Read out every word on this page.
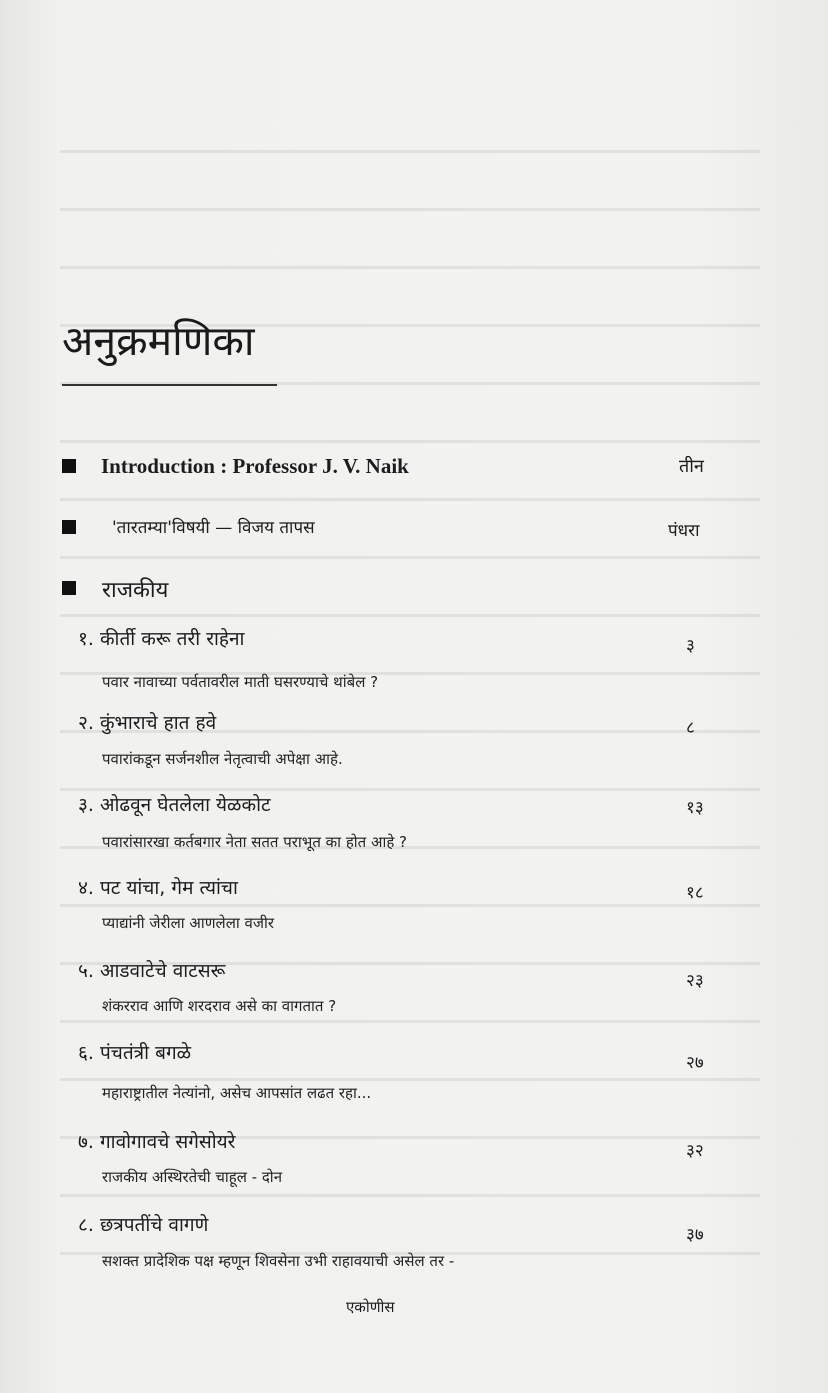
अनुक्रमणिका
Introduction : Professor J. V. Naik	तीन
'तारतम्या'विषयी — विजय तापस	पंधरा
राजकीय
१. कीर्ती करू तरी राहेना	३
पवार नावाच्या पर्वतावरील माती घसरण्याचे थांबेल ?
२. कुंभाराचे हात हवे	८
पवारांकडून सर्जनशील नेतृत्वाची अपेक्षा आहे.
३. ओढवून घेतलेला येळकोट	१३
पवारांसारखा कर्तबगार नेता सतत पराभूत का होत आहे ?
४. पट यांचा, गेम त्यांचा	१८
प्याद्यांनी जेरीला आणलेला वजीर
५. आडवाटेचे वाटसरू	२३
शंकरराव आणि शरदराव असे का वागतात ?
६. पंचतंत्री बगळे	२७
महाराष्ट्रातील नेत्यांनो, असेच आपसांत लढत रहा...
७. गावोगावचे सगेसोयरे	३२
राजकीय अस्थिरतेची चाहूल - दोन
८. छत्रपतींचे वागणे	३७
सशक्त प्रादेशिक पक्ष म्हणून शिवसेना उभी राहावयाची असेल तर -
एकोणीस
